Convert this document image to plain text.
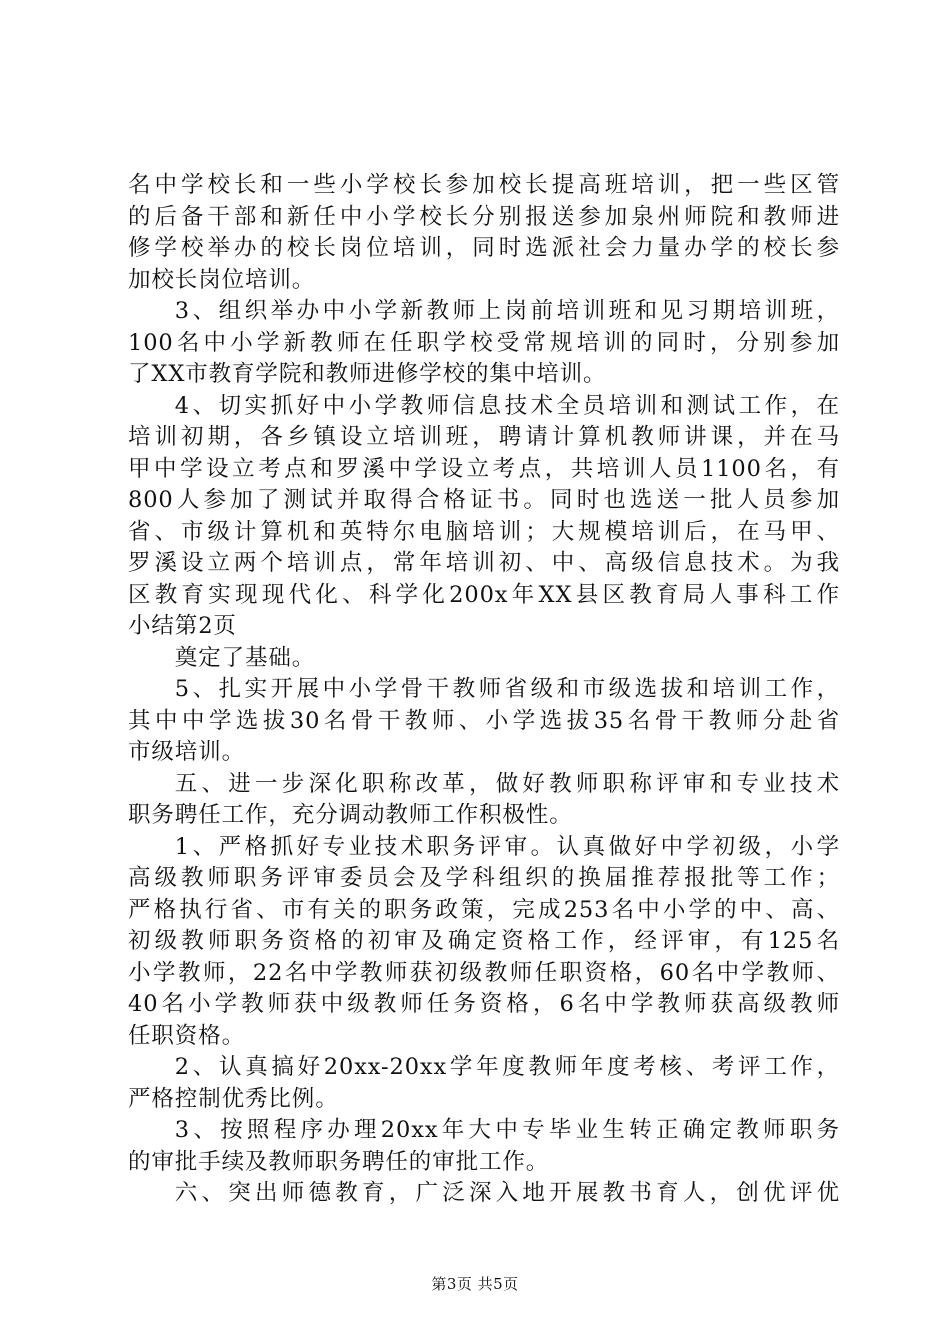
名中学校长和一些小学校长参加校长提高班培训，把一些区管
的后备干部和新任中小学校长分别报送参加泉州师院和教师进
修学校举办的校长岗位培训，同时选派社会力量办学的校长参
加校长岗位培训。
3、组织举办中小学新教师上岗前培训班和见习期培训班，
100名中小学新教师在任职学校受常规培训的同时，分别参加
了XX市教育学院和教师进修学校的集中培训。
4、切实抓好中小学教师信息技术全员培训和测试工作，在
培训初期，各乡镇设立培训班，聘请计算机教师讲课，并在马
甲中学设立考点和罗溪中学设立考点，共培训人员1100名，有
800人参加了测试并取得合格证书。同时也选送一批人员参加
省、市级计算机和英特尔电脑培训；大规模培训后，在马甲、
罗溪设立两个培训点，常年培训初、中、高级信息技术。为我
区教育实现现代化、科学化200x年XX县区教育局人事科工作
小结第2页
奠定了基础。
5、扎实开展中小学骨干教师省级和市级选拔和培训工作，
其中中学选拔30名骨干教师、小学选拔35名骨干教师分赴省
市级培训。
五、进一步深化职称改革，做好教师职称评审和专业技术
职务聘任工作，充分调动教师工作积极性。
1、严格抓好专业技术职务评审。认真做好中学初级，小学
高级教师职务评审委员会及学科组织的换届推荐报批等工作；
严格执行省、市有关的职务政策，完成253名中小学的中、高、
初级教师职务资格的初审及确定资格工作，经评审，有125名
小学教师，22名中学教师获初级教师任职资格，60名中学教师、
40名小学教师获中级教师任务资格，6名中学教师获高级教师
任职资格。
2、认真搞好20xx-20xx学年度教师年度考核、考评工作，
严格控制优秀比例。
3、按照程序办理20xx年大中专毕业生转正确定教师职务
的审批手续及教师职务聘任的审批工作。
六、突出师德教育，广泛深入地开展教书育人，创优评优
第3页 共5页
